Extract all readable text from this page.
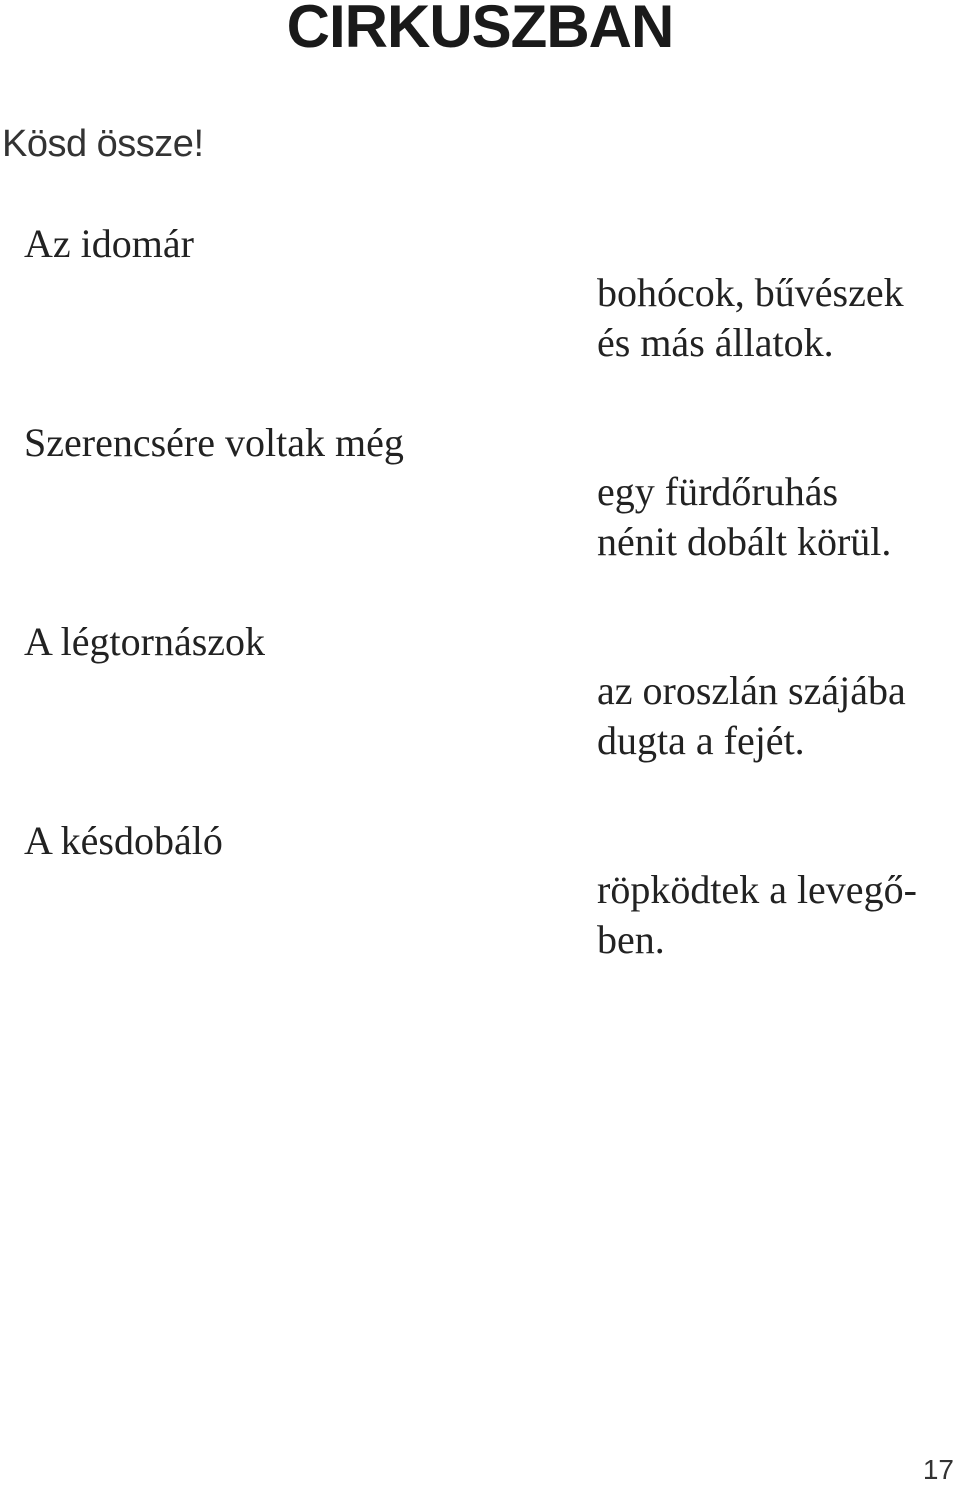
CIRKUSZBAN
Kösd össze!
Az idomár
Szerencsére voltak még
A légtornászok
A késdobáló
bohócok, bűvészek
és más állatok.
egy fürdőruhás
nénit dobált körül.
az oroszlán szájába
dugta a fejét.
röpködtek a levegő-
ben.
17
